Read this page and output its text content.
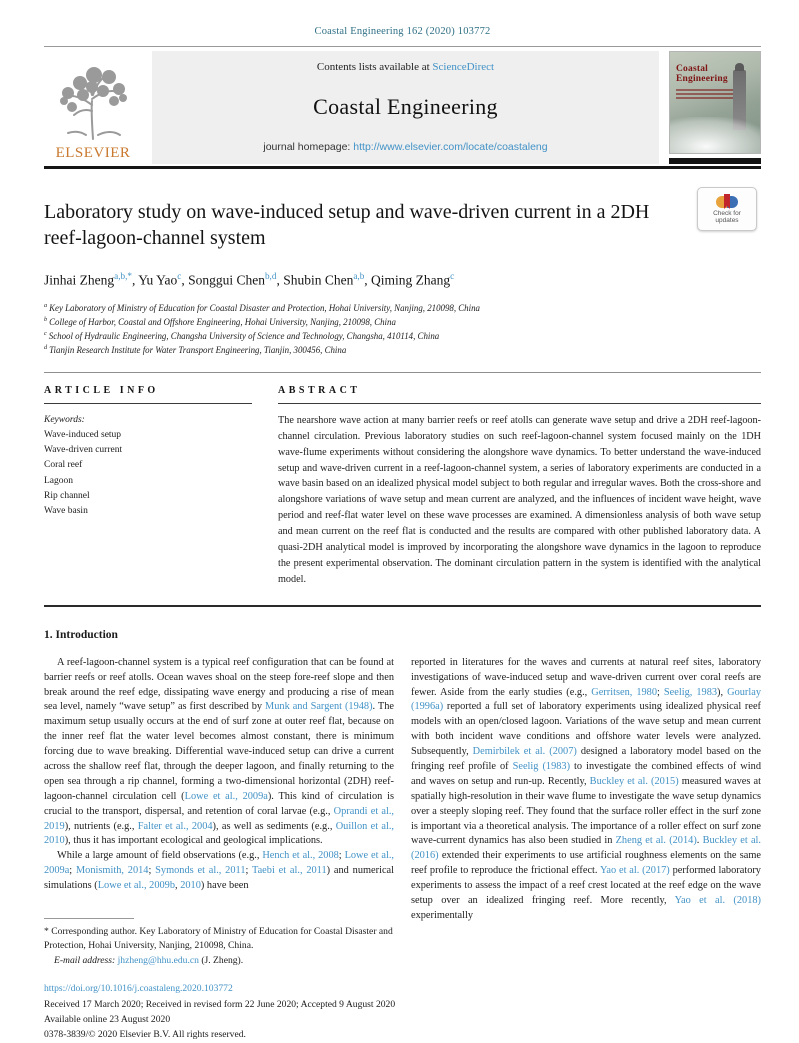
Coastal Engineering 162 (2020) 103772
ELSEVIER
Contents lists available at ScienceDirect
Coastal Engineering
journal homepage: http://www.elsevier.com/locate/coastaleng
Coastal Engineering
Laboratory study on wave-induced setup and wave-driven current in a 2DH reef-lagoon-channel system
Check for updates
Jinhai Zheng$^{a,b,*}$, Yu Yao$^c$, Songgui Chen$^{b,d}$, Shubin Chen$^{a,b}$, Qiming Zhang$^c$
$^a$ Key Laboratory of Ministry of Education for Coastal Disaster and Protection, Hohai University, Nanjing, 210098, China
$^b$ College of Harbor, Coastal and Offshore Engineering, Hohai University, Nanjing, 210098, China
$^c$ School of Hydraulic Engineering, Changsha University of Science and Technology, Changsha, 410114, China
$^d$ Tianjin Research Institute for Water Transport Engineering, Tianjin, 300456, China
ARTICLE INFO
Keywords:
Wave-induced setup
Wave-driven current
Coral reef
Lagoon
Rip channel
Wave basin
ABSTRACT
The nearshore wave action at many barrier reefs or reef atolls can generate wave setup and drive a 2DH reef-lagoon-channel circulation. Previous laboratory studies on such reef-lagoon-channel system focused mainly on the 1DH wave-flume experiments without considering the alongshore wave dynamics. To better understand the wave-induced setup and wave-driven current in a reef-lagoon-channel system, a series of laboratory experiments are conducted in a wave basin based on an idealized physical model subject to both regular and irregular waves. Both the cross-shore and alongshore variations of wave setup and mean current are analyzed, and the influences of incident wave height, wave period and reef-flat water level on these wave processes are examined. A dimensionless analysis of both wave setup and mean current on the reef flat is conducted and the results are compared with other published laboratory data. A quasi-2DH analytical model is improved by incorporating the alongshore wave dynamics in the lagoon to reproduce the present experimental observation. The dominant circulation pattern in the system is identified with the analytical model.
1. Introduction

A reef-lagoon-channel system is a typical reef configuration that can be found at barrier reefs or reef atolls. Ocean waves shoal on the steep fore-reef slope and then break around the reef edge, dissipating wave energy and producing a rise of mean sea level, namely “wave setup” as first described by Munk and Sargent (1948). The maximum setup usually occurs at the end of surf zone at outer reef flat, because on the inner reef flat the water level becomes almost constant, there is minimum forcing due to wave breaking. Differential wave-induced setup can drive a current across the shallow reef flat, through the deeper lagoon, and finally returning to the open sea through a rip channel, forming a two-dimensional horizontal (2DH) reef-lagoon-channel circulation cell (Lowe et al., 2009a). This kind of circulation is crucial to the transport, dispersal, and retention of coral larvae (e.g., Oprandi et al., 2019), nutrients (e.g., Falter et al., 2004), as well as sediments (e.g., Ouillon et al., 2010), thus it has important ecological and geological implications.

While a large amount of field observations (e.g., Hench et al., 2008; Lowe et al., 2009a; Monismith, 2014; Symonds et al., 2011; Taebi et al., 2011) and numerical simulations (Lowe et al., 2009b, 2010) have been

* Corresponding author. Key Laboratory of Ministry of Education for Coastal Disaster and Protection, Hohai University, Nanjing, 210098, China.
E-mail address: jhzheng@hhu.edu.cn (J. Zheng).

reported in literatures for the waves and currents at natural reef sites, laboratory investigations of wave-induced setup and wave-driven current over coral reefs are fewer. Aside from the early studies (e.g., Gerritsen, 1980; Seelig, 1983), Gourlay (1996a) reported a full set of laboratory experiments using idealized physical reef models with an open/closed lagoon. Variations of the wave setup and mean current with both incident wave conditions and offshore water levels were analyzed. Subsequently, Demirbilek et al. (2007) designed a laboratory model based on the fringing reef profile of Seelig (1983) to investigate the combined effects of wind and waves on setup and run-up. Recently, Buckley et al. (2015) measured waves at spatially high-resolution in their wave flume to investigate the wave setup dynamics over a steeply sloping reef. They found that the surface roller effect in the surf zone is important via a theoretical analysis. The importance of a roller effect on surf zone wave-current dynamics has also been studied in Zheng et al. (2014). Buckley et al. (2016) extended their experiments to use artificial roughness elements on the same reef profile to reproduce the frictional effect. Yao et al. (2017) performed laboratory experiments to assess the impact of a reef crest located at the reef edge on the wave setup over an idealized fringing reef. More recently, Yao et al. (2018) experimentally

https://doi.org/10.1016/j.coastaleng.2020.103772
Received 17 March 2020; Received in revised form 22 June 2020; Accepted 9 August 2020
Available online 23 August 2020
0378-3839/© 2020 Elsevier B.V. All rights reserved.
